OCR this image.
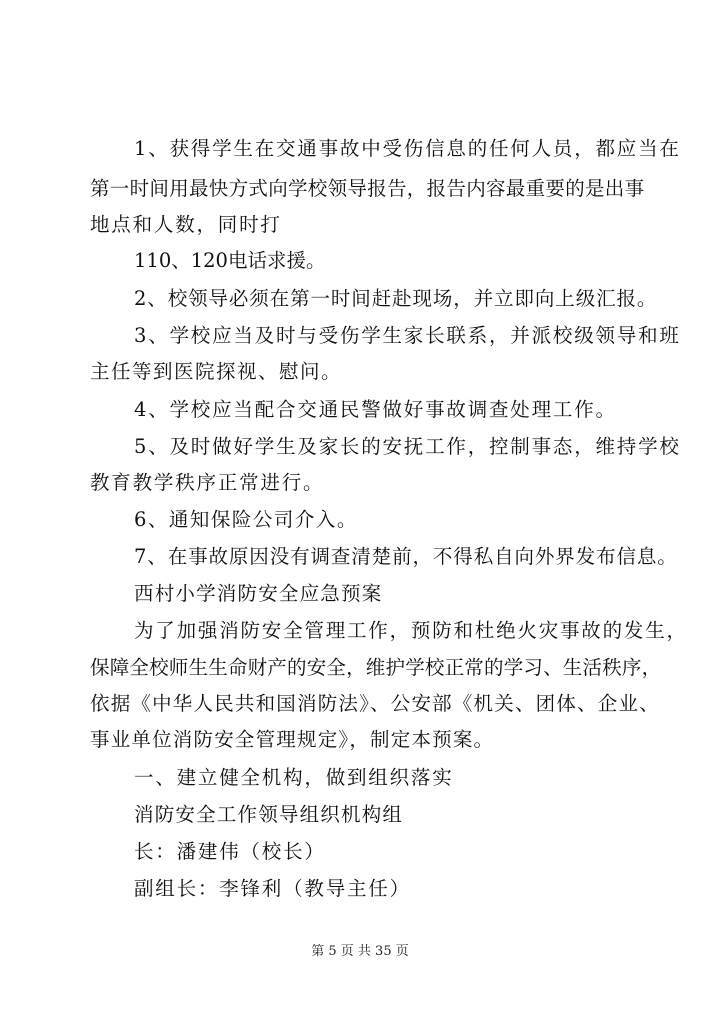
1、获得学生在交通事故中受伤信息的任何人员，都应当在
第一时间用最快方式向学校领导报告，报告内容最重要的是出事
地点和人数，同时打
110、120电话求援。
2、校领导必须在第一时间赶赴现场，并立即向上级汇报。
3、学校应当及时与受伤学生家长联系，并派校级领导和班
主任等到医院探视、慰问。
4、学校应当配合交通民警做好事故调查处理工作。
5、及时做好学生及家长的安抚工作，控制事态，维持学校
教育教学秩序正常进行。
6、通知保险公司介入。
7、在事故原因没有调查清楚前，不得私自向外界发布信息。
西村小学消防安全应急预案
为了加强消防安全管理工作，预防和杜绝火灾事故的发生，
保障全校师生生命财产的安全，维护学校正常的学习、生活秩序，
依据《中华人民共和国消防法》、公安部《机关、团体、企业、
事业单位消防安全管理规定》，制定本预案。
一、建立健全机构，做到组织落实
消防安全工作领导组织机构组
长：潘建伟（校长）
副组长：李锋利（教导主任）
第 5 页 共 35 页
